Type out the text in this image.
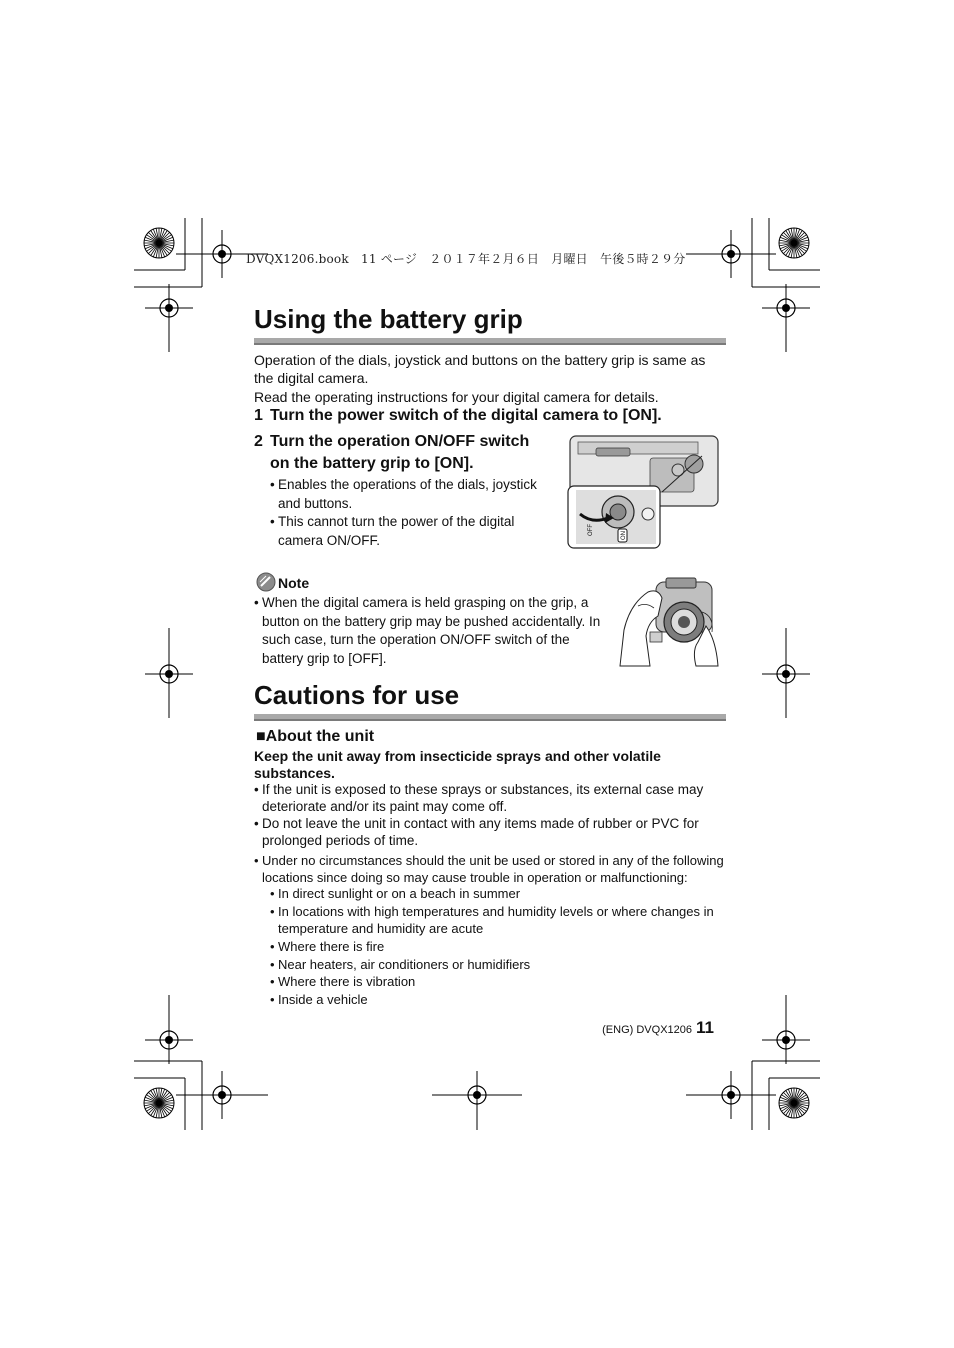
DVQX1206.book　11 ページ　２０１７年２月６日　月曜日　午後５時２９分
Using the battery grip

Operation of the dials, joystick and buttons on the battery grip is same as the digital camera.

Read the operating instructions for your digital camera for details.

1 Turn the power switch of the digital camera to [ON].
2 Turn the operation ON/OFF switch on the battery grip to [ON].
• Enables the operations of the dials, joystick and buttons.
• This cannot turn the power of the digital camera ON/OFF.
OFF	ON
Note
• When the digital camera is held grasping on the grip, a button on the battery grip may be pushed accidentally. In such case, turn the operation ON/OFF switch of the battery grip to [OFF].
Cautions for use
■About the unit

Keep the unit away from insecticide sprays and other volatile substances.

• If the unit is exposed to these sprays or substances, its external case may deteriorate and/or its paint may come off.
• Do not leave the unit in contact with any items made of rubber or PVC for prolonged periods of time.
• Under no circumstances should the unit be used or stored in any of the following locations since doing so may cause trouble in operation or malfunctioning:
• In direct sunlight or on a beach in summer
• In locations with high temperatures and humidity levels or where changes in temperature and humidity are acute
• Where there is fire
• Near heaters, air conditioners or humidifiers
• Where there is vibration
• Inside a vehicle
(ENG) DVQX1206 11
